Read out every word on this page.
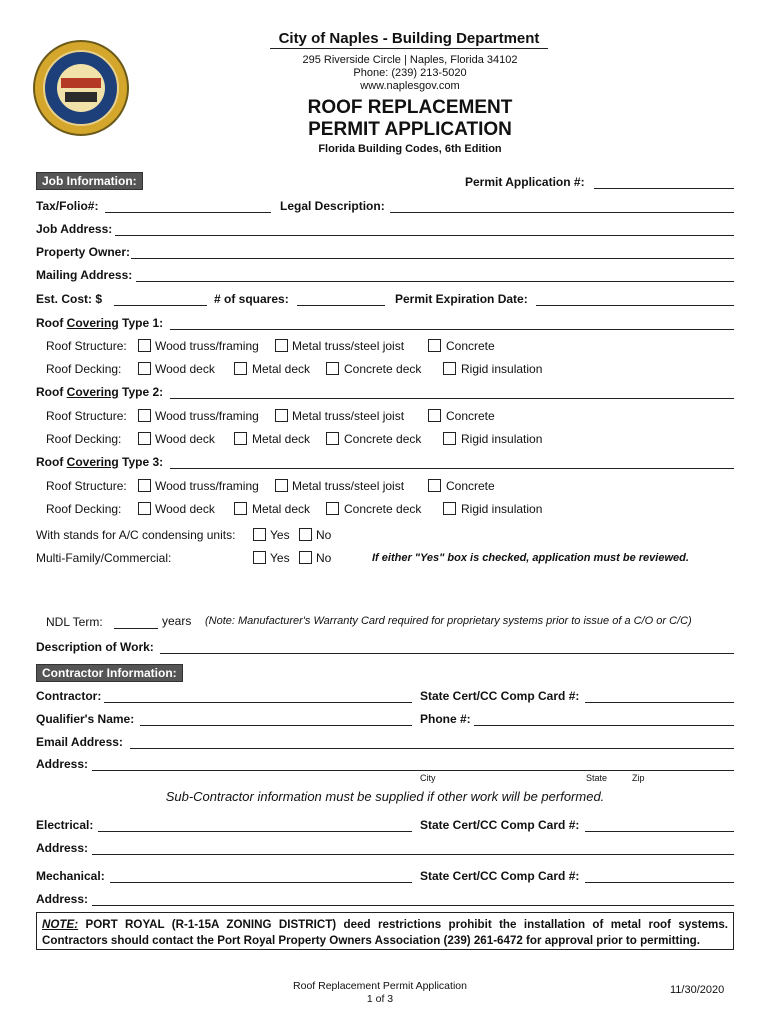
City of Naples - Building Department
295 Riverside Circle | Naples, Florida 34102
Phone: (239) 213-5020
www.naplesgov.com
ROOF REPLACEMENT
PERMIT APPLICATION
Florida Building Codes, 6th Edition
Job Information:	Permit Application #:
Tax/Folio#:	Legal Description:
Job Address:
Property Owner:
Mailing Address:
Est. Cost: $	# of squares:	Permit Expiration Date:
Roof Covering Type 1:
Roof Structure: Wood truss/framing	Metal truss/steel joist	Concrete
Roof Decking:	Wood deck	Metal deck	Concrete deck	Rigid insulation
Roof Covering Type 2:
Roof Structure: Wood truss/framing	Metal truss/steel joist	Concrete
Roof Decking:	Wood deck	Metal deck	Concrete deck	Rigid insulation
Roof Covering Type 3:
Roof Structure: Wood truss/framing	Metal truss/steel joist	Concrete
Roof Decking:	Wood deck	Metal deck	Concrete deck	Rigid insulation
With stands for A/C condensing units:	Yes No
Multi-Family/Commercial:	Yes No	If either "Yes" box is checked, application must be reviewed.
NDL Term:	years (Note: Manufacturer's Warranty Card required for proprietary systems prior to issue of a C/O or C/C)
Description of Work:
Contractor Information:
Contractor:	State Cert/CC Comp Card #:
Qualifier's Name:	Phone #:
Email Address:
Address:
City	State	Zip
Sub-Contractor information must be supplied if other work will be performed.
Electrical:	State Cert/CC Comp Card #:
Address:
Mechanical:	State Cert/CC Comp Card #:
Address:
NOTE: PORT ROYAL (R-1-15A ZONING DISTRICT) deed restrictions prohibit the installation of metal roof systems. Contractors should contact the Port Royal Property Owners Association (239) 261-6472 for approval prior to permitting.
Roof Replacement Permit Application
1 of 3
11/30/2020
